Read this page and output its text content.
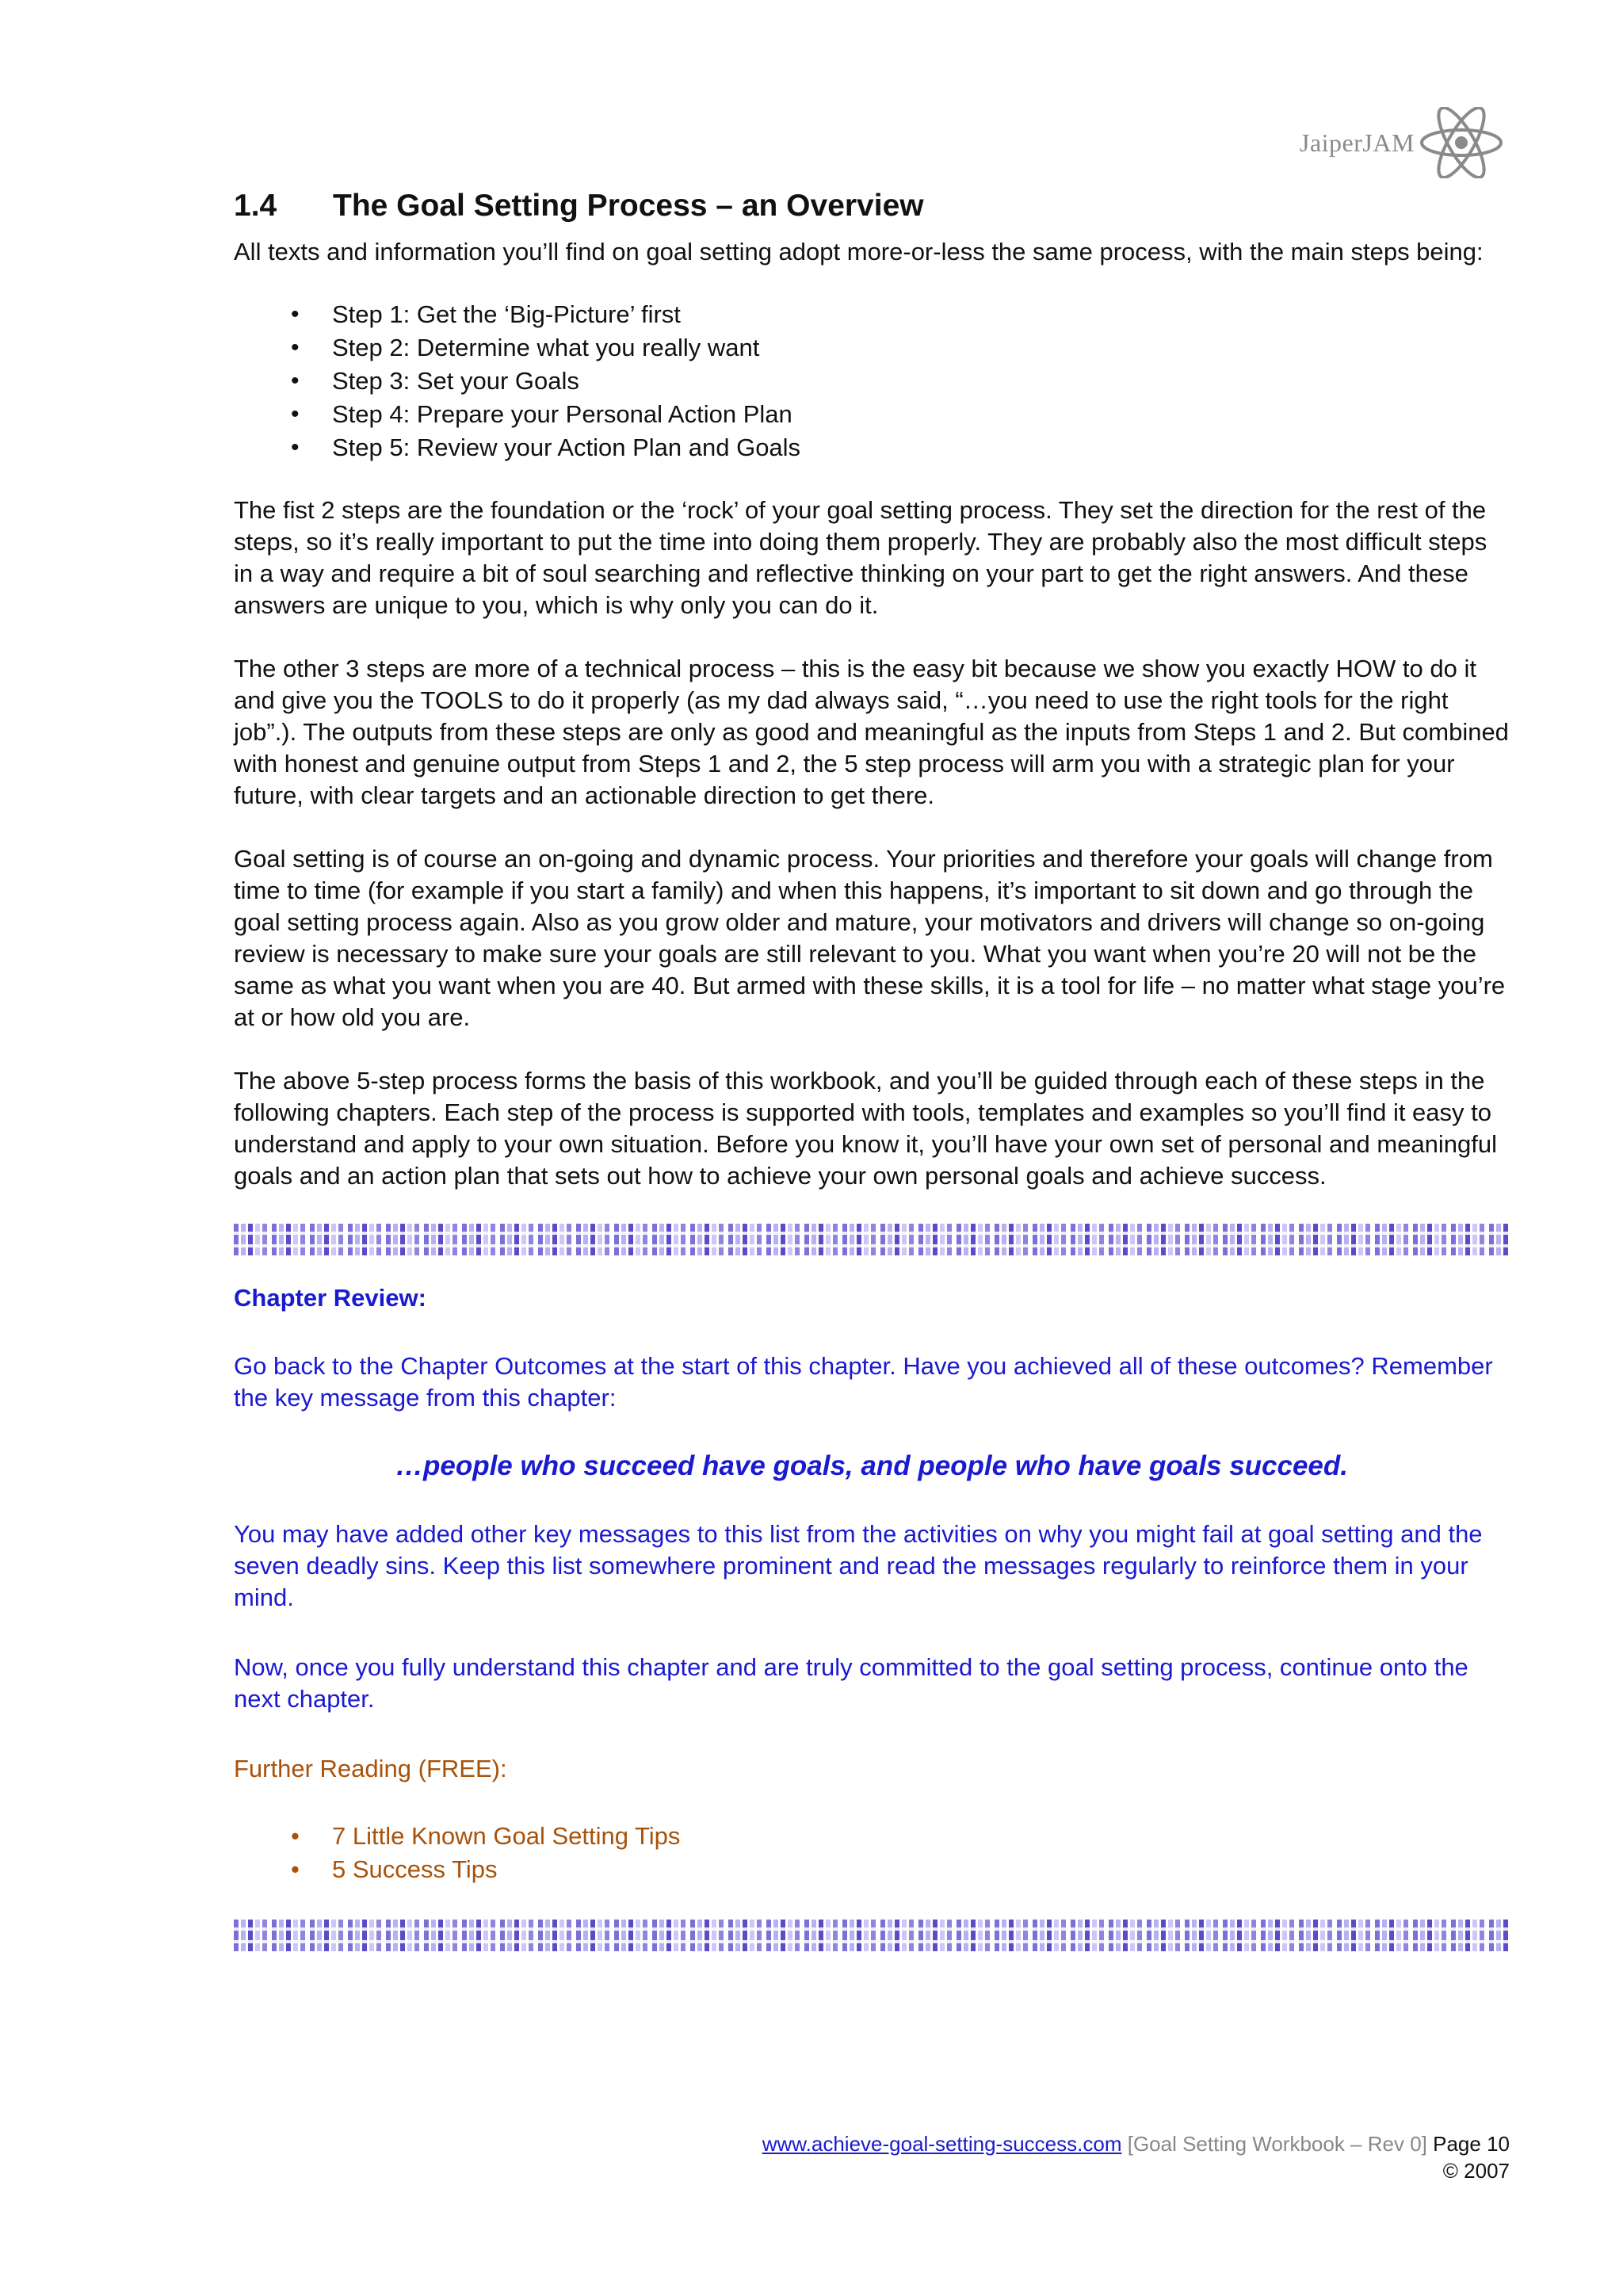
JaiperJAM
1.4	The Goal Setting Process – an Overview

All texts and information you’ll find on goal setting adopt more-or-less the same process, with the main steps being:

• Step 1: Get the ‘Big-Picture’ first
• Step 2: Determine what you really want
• Step 3: Set your Goals
• Step 4: Prepare your Personal Action Plan
• Step 5: Review your Action Plan and Goals

The fist 2 steps are the foundation or the ‘rock’ of your goal setting process. They set the direction for the rest of the steps, so it’s really important to put the time into doing them properly. They are probably also the most difficult steps in a way and require a bit of soul searching and reflective thinking on your part to get the right answers. And these answers are unique to you, which is why only you can do it.

The other 3 steps are more of a technical process – this is the easy bit because we show you exactly HOW to do it and give you the TOOLS to do it properly (as my dad always said, “…you need to use the right tools for the right job”.). The outputs from these steps are only as good and meaningful as the inputs from Steps 1 and 2. But combined with honest and genuine output from Steps 1 and 2, the 5 step process will arm you with a strategic plan for your future, with clear targets and an actionable direction to get there.

Goal setting is of course an on-going and dynamic process. Your priorities and therefore your goals will change from time to time (for example if you start a family) and when this happens, it’s important to sit down and go through the goal setting process again. Also as you grow older and mature, your motivators and drivers will change so on-going review is necessary to make sure your goals are still relevant to you. What you want when you’re 20 will not be the same as what you want when you are 40. But armed with these skills, it is a tool for life – no matter what stage you’re at or how old you are.

The above 5-step process forms the basis of this workbook, and you’ll be guided through each of these steps in the following chapters. Each step of the process is supported with tools, templates and examples so you’ll find it easy to understand and apply to your own situation. Before you know it, you’ll have your own set of personal and meaningful goals and an action plan that sets out how to achieve your own personal goals and achieve success.

Chapter Review:

Go back to the Chapter Outcomes at the start of this chapter. Have you achieved all of these outcomes? Remember the key message from this chapter:

…people who succeed have goals, and people who have goals succeed.

You may have added other key messages to this list from the activities on why you might fail at goal setting and the seven deadly sins. Keep this list somewhere prominent and read the messages regularly to reinforce them in your mind.

Now, once you fully understand this chapter and are truly committed to the goal setting process, continue onto the next chapter.

Further Reading (FREE):

• 7 Little Known Goal Setting Tips
• 5 Success Tips
www.achieve-goal-setting-success.com [Goal Setting Workbook – Rev 0] Page 10
© 2007
